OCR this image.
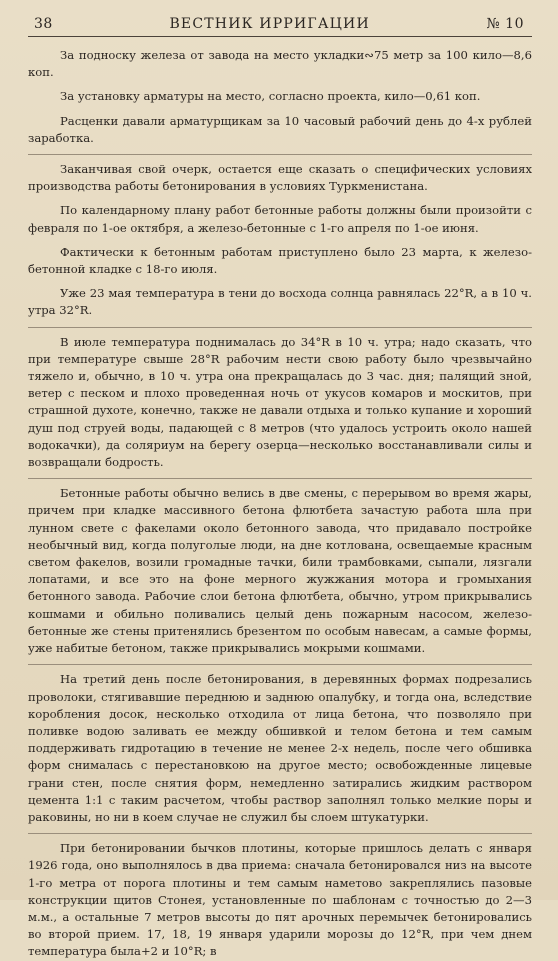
38	ВЕСТНИК ИРРИГАЦИИ	№ 10

За подноску железа от завода на место укладки∾75 метр за 100 кило—8,6 коп.

За установку арматуры на место, согласно проекта, кило—0,61 коп.

Расценки давали арматурщикам за 10 часовый рабочий день до 4-х рублей заработка.

Заканчивая свой очерк, остается еще сказать о специфических условиях производства работы бетонирования в условиях Туркменистана.

По календарному плану работ бетонные работы должны были произойти с февраля по 1-ое октября, а железо-бетонные с 1-го апреля по 1-ое июня.

Фактически к бетонным работам приступлено было 23 марта, к железо-бетонной кладке с 18-го июля.

Уже 23 мая температура в тени до восхода солнца равнялась 22°R, а в 10 ч. утра 32°R.

В июле температура поднималась до 34°R в 10 ч. утра; надо сказать, что при температуре свыше 28°R рабочим нести свою работу было чрезвычайно тяжело и, обычно, в 10 ч. утра она прекращалась до 3 час. дня; палящий зной, ветер с песком и плохо проведенная ночь от укусов комаров и москитов, при страшной духоте, конечно, также не давали отдыха и только купание и хороший душ под струей воды, падающей с 8 метров (что удалось устроить около нашей водокачки), да соляриум на берегу озерца—несколько восстанавливали силы и возвращали бодрость.

Бетонные работы обычно велись в две смены, с перерывом во время жары, причем при кладке массивного бетона флютбета зачастую работа шла при лунном свете с факелами около бетонного завода, что придавало постройке необычный вид, когда полуголые люди, на дне котлована, освещаемые красным светом факелов, возили громадные тачки, били трамбовками, сыпали, лязгали лопатами, и все это на фоне мерного жужжания мотора и громыхания бетонного завода. Рабочие слои бетона флютбета, обычно, утром прикрывались кошмами и обильно поливались целый день пожарным насосом, железо-бетонные же стены притенялись брезентом по особым навесам, а самые формы, уже набитые бетоном, также прикрывались мокрыми кошмами.

На третий день после бетонирования, в деревянных формах подрезались проволоки, стягивавшие переднюю и заднюю опалубку, и тогда она, вследствие коробления досок, несколько отходила от лица бетона, что позволяло при поливке водою заливать ее между обшивкой и телом бетона и тем самым поддерживать гидротацию в течение не менее 2-х недель, после чего обшивка форм снималась с перестановкою на другое место; освобожденные лицевые грани стен, после снятия форм, немедленно затирались жидким раствором цемента 1:1 с таким расчетом, чтобы раствор заполнял только мелкие поры и раковины, но ни в коем случае не служил бы слоем штукатурки.

При бетонировании бычков плотины, которые пришлось делать с января 1926 года, оно выполнялось в два приема: сначала бетонировался низ на высоте 1-го метра от порога плотины и тем самым наметово закреплялись пазовые конструкции щитов Стонея, установленные по шаблонам с точностью до 2—3 м.м., а остальные 7 метров высоты до пят арочных перемычек бетонировались во второй прием. 17, 18, 19 января ударили морозы до 12°R, при чем днем температура была+2 и 10°R; в
